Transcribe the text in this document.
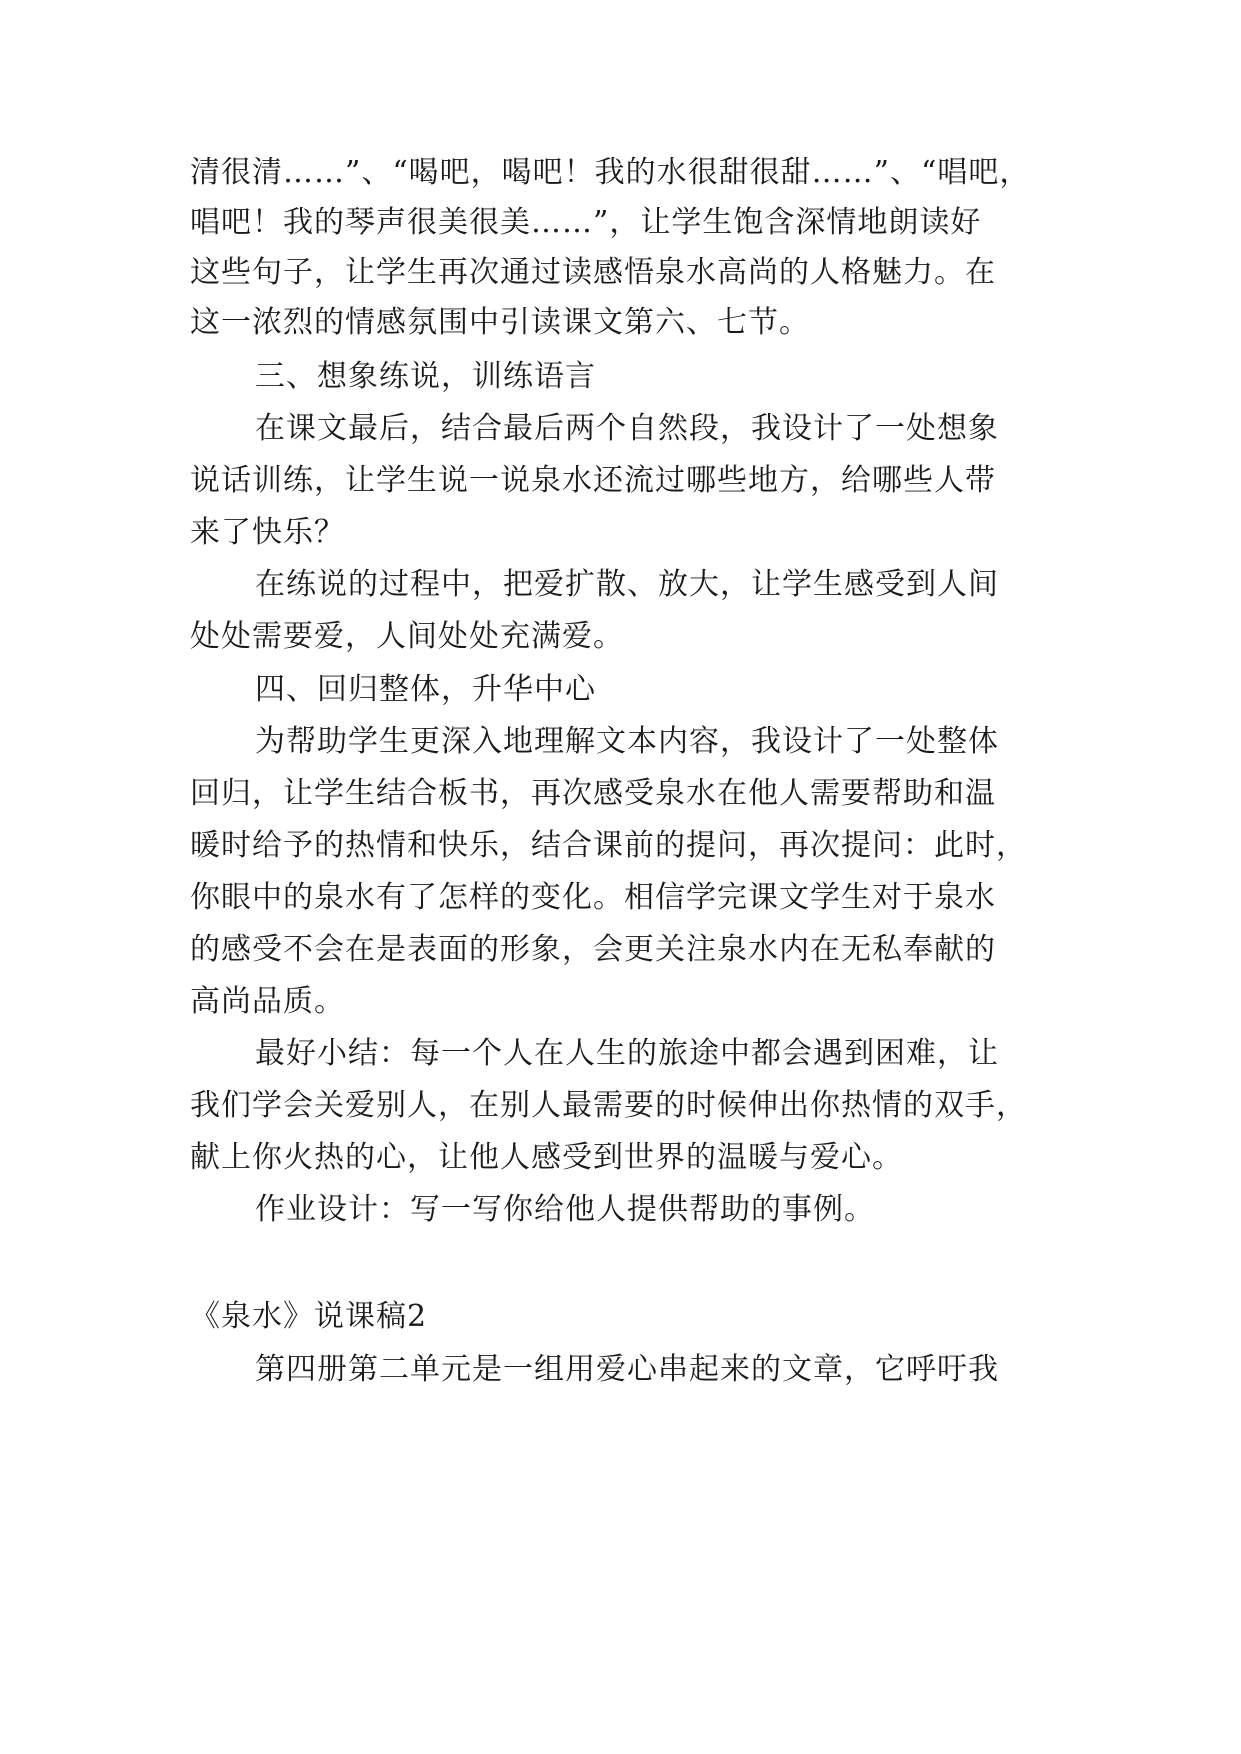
清很清……”、“喝吧，喝吧！我的水很甜很甜……”、“唱吧，
唱吧！我的琴声很美很美……”，让学生饱含深情地朗读好
这些句子，让学生再次通过读感悟泉水高尚的人格魅力。在
这一浓烈的情感氛围中引读课文第六、七节。
三、想象练说，训练语言
在课文最后，结合最后两个自然段，我设计了一处想象
说话训练，让学生说一说泉水还流过哪些地方，给哪些人带
来了快乐？
在练说的过程中，把爱扩散、放大，让学生感受到人间
处处需要爱，人间处处充满爱。
四、回归整体，升华中心
为帮助学生更深入地理解文本内容，我设计了一处整体
回归，让学生结合板书，再次感受泉水在他人需要帮助和温
暖时给予的热情和快乐，结合课前的提问，再次提问：此时，
你眼中的泉水有了怎样的变化。相信学完课文学生对于泉水
的感受不会在是表面的形象，会更关注泉水内在无私奉献的
高尚品质。
最好小结：每一个人在人生的旅途中都会遇到困难，让
我们学会关爱别人，在别人最需要的时候伸出你热情的双手，
献上你火热的心，让他人感受到世界的温暖与爱心。
作业设计：写一写你给他人提供帮助的事例。
《泉水》说课稿2
第四册第二单元是一组用爱心串起来的文章，它呼吁我
